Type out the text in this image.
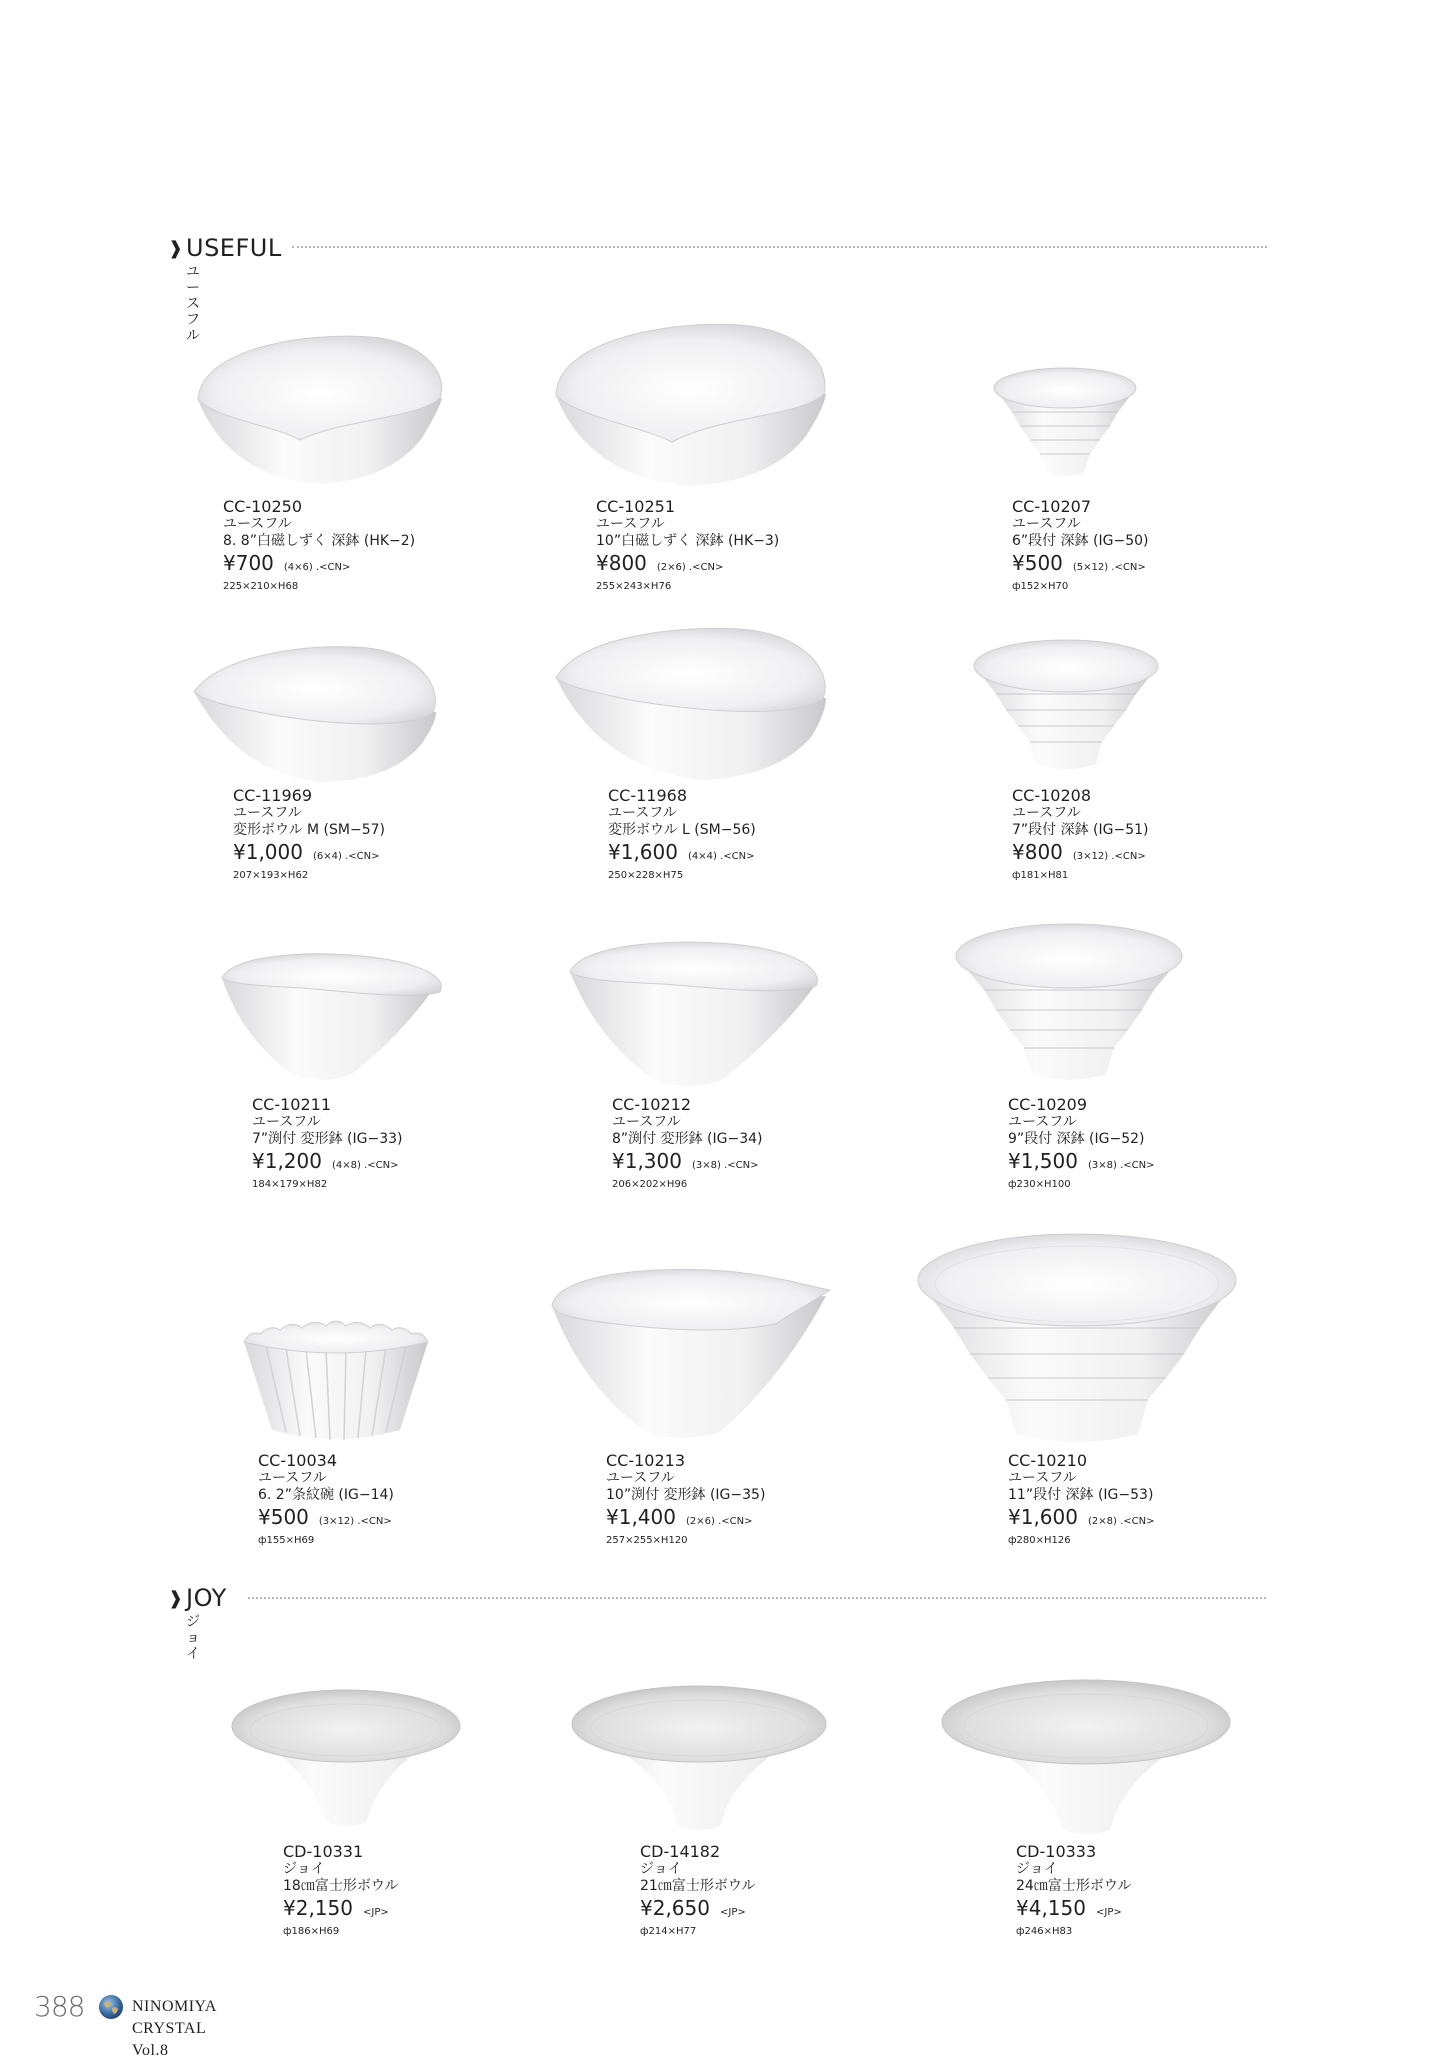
❱ USEFUL
ユースフル
❱ JOY
ジョイ
CC-10250
ユースフル
8. 8”白磁しずく 深鉢 (HK−2)
¥700 (4×6) .<CN>
225×210×H68
CC-10251
ユースフル
10”白磁しずく 深鉢 (HK−3)
¥800 (2×6) .<CN>
255×243×H76
CC-10207
ユースフル
6”段付 深鉢 (IG−50)
¥500 (5×12) .<CN>
ф152×H70
CC-11969
ユースフル
変形ボウル M (SM−57)
¥1,000 (6×4) .<CN>
207×193×H62
CC-11968
ユースフル
変形ボウル L (SM−56)
¥1,600 (4×4) .<CN>
250×228×H75
CC-10208
ユースフル
7”段付 深鉢 (IG−51)
¥800 (3×12) .<CN>
ф181×H81
CC-10211
ユースフル
7”渕付 変形鉢 (IG−33)
¥1,200 (4×8) .<CN>
184×179×H82
CC-10212
ユースフル
8”渕付 変形鉢 (IG−34)
¥1,300 (3×8) .<CN>
206×202×H96
CC-10209
ユースフル
9”段付 深鉢 (IG−52)
¥1,500 (3×8) .<CN>
ф230×H100
CC-10034
ユースフル
6. 2”条紋碗 (IG−14)
¥500 (3×12) .<CN>
ф155×H69
CC-10213
ユースフル
10”渕付 変形鉢 (IG−35)
¥1,400 (2×6) .<CN>
257×255×H120
CC-10210
ユースフル
11”段付 深鉢 (IG−53)
¥1,600 (2×8) .<CN>
ф280×H126
CD-10331
ジョイ
18㎝富士形ボウル
¥2,150 <JP>
ф186×H69
CD-14182
ジョイ
21㎝富士形ボウル
¥2,650 <JP>
ф214×H77
CD-10333
ジョイ
24㎝富士形ボウル
¥4,150 <JP>
ф246×H83
388	NINOMIYA CRYSTAL Vol.8
